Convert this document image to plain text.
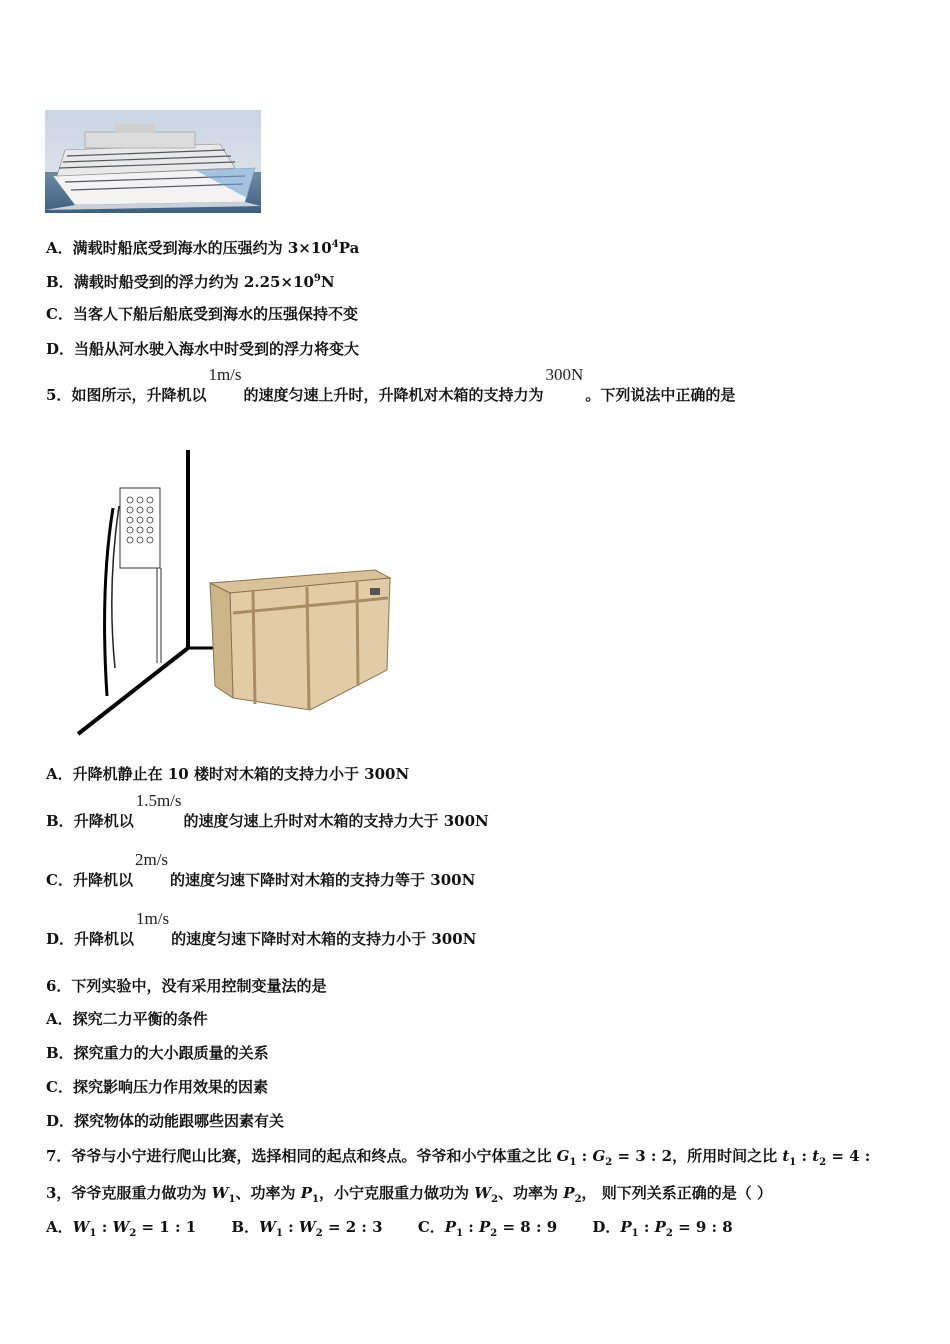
A．满载时船底受到海水的压强约为 $3\times 10^4Pa$
B．满载时船受到的浮力约为 $2.25\times 10^9N$
C．当客人下船后船底受到海水的压强保持不变
D．当船从河水驶入海水中时受到的浮力将变大
5．如图所示，升降机以1m/s的速度匀速上升时，升降机对木箱的支持力为300N。下列说法中正确的是
A．升降机静止在 10 楼时对木箱的支持力小于 300N
B．升降机以1.5m/s的速度匀速上升时对木箱的支持力大于 300N
C．升降机以2m/s的速度匀速下降时对木箱的支持力等于 300N
D．升降机以1m/s的速度匀速下降时对木箱的支持力小于 300N
6．下列实验中，没有采用控制变量法的是
A．探究二力平衡的条件
B．探究重力的大小跟质量的关系
C．探究影响压力作用效果的因素
D．探究物体的动能跟哪些因素有关
7．爷爷与小宁进行爬山比赛，选择相同的起点和终点。爷爷和小宁体重之比 $G_1$ : $G_2 = 3$ : 2，所用时间之比 $t_1$ : $t_2 = 4$ :
3，爷爷克服重力做功为 $W_1$、功率为 $P_1$，小宁克服重力做功为 $W_2$、功率为 $P_2$， 则下列关系正确的是（ ）
A．$W_1$ : $W_2 = 1$ : 1 B．$W_1$ : $W_2 = 2$ : 3 C．$P_1$ : $P_2 = 8$ : 9 D．$P_1$ : $P_2 = 9$ : 8
